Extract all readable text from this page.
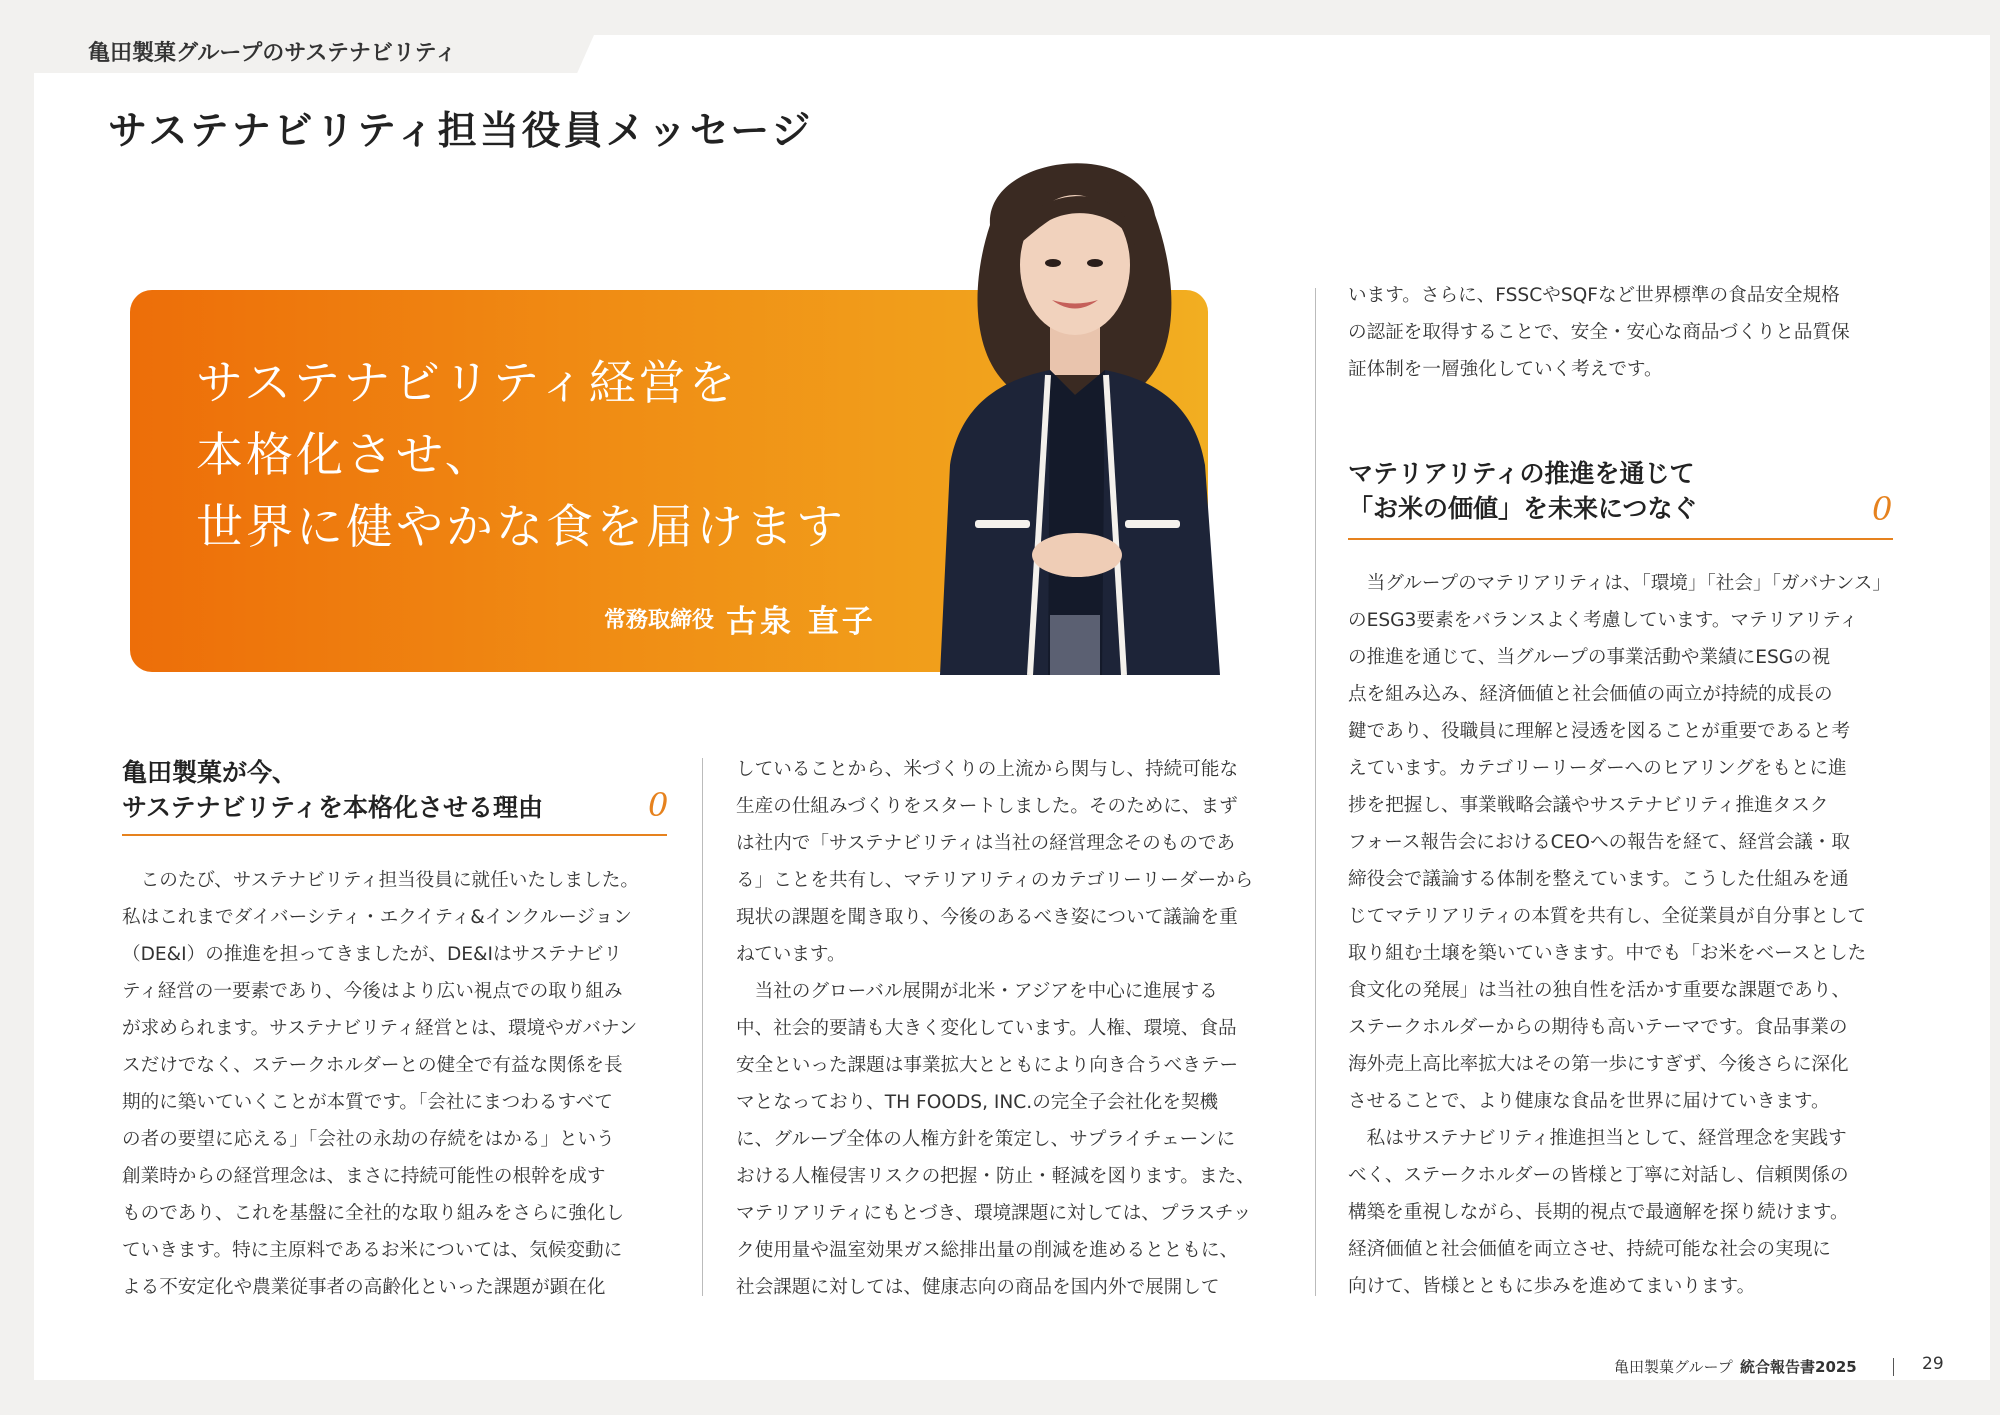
亀田製菓グループのサステナビリティ
サステナビリティ担当役員メッセージ
サステナビリティ経営を
本格化させ、
世界に健やかな食を届けます
常務取締役 古泉 直子
亀田製菓が今、
サステナビリティを本格化させる理由	0

　このたび、サステナビリティ担当役員に就任いたしました。

私はこれまでダイバーシティ・エクイティ&インクルージョン

（DE&I）の推進を担ってきましたが、DE&Iはサステナビリ

ティ経営の一要素であり、今後はより広い視点での取り組み

が求められます。サステナビリティ経営とは、環境やガバナン

スだけでなく、ステークホルダーとの健全で有益な関係を長

期的に築いていくことが本質です。「会社にまつわるすべて

の者の要望に応える」「会社の永劫の存続をはかる」という

創業時からの経営理念は、まさに持続可能性の根幹を成す

ものであり、これを基盤に全社的な取り組みをさらに強化し

ていきます。特に主原料であるお米については、気候変動に

よる不安定化や農業従事者の高齢化といった課題が顕在化

していることから、米づくりの上流から関与し、持続可能な

生産の仕組みづくりをスタートしました。そのために、まず

は社内で「サステナビリティは当社の経営理念そのものであ

る」ことを共有し、マテリアリティのカテゴリーリーダーから

現状の課題を聞き取り、今後のあるべき姿について議論を重

ねています。

　当社のグローバル展開が北米・アジアを中心に進展する

中、社会的要請も大きく変化しています。人権、環境、食品

安全といった課題は事業拡大とともにより向き合うべきテー

マとなっており、TH FOODS, INC.の完全子会社化を契機

に、グループ全体の人権方針を策定し、サプライチェーンに

おける人権侵害リスクの把握・防止・軽減を図ります。また、

マテリアリティにもとづき、環境課題に対しては、プラスチッ

ク使用量や温室効果ガス総排出量の削減を進めるとともに、

社会課題に対しては、健康志向の商品を国内外で展開して

います。さらに、FSSCやSQFなど世界標準の食品安全規格

の認証を取得することで、安全・安心な商品づくりと品質保

証体制を一層強化していく考えです。

マテリアリティの推進を通じて
「お米の価値」を未来につなぐ	0

　当グループのマテリアリティは、「環境」「社会」「ガバナンス」

のESG3要素をバランスよく考慮しています。マテリアリティ

の推進を通じて、当グループの事業活動や業績にESGの視

点を組み込み、経済価値と社会価値の両立が持続的成長の

鍵であり、役職員に理解と浸透を図ることが重要であると考

えています。カテゴリーリーダーへのヒアリングをもとに進

捗を把握し、事業戦略会議やサステナビリティ推進タスク

フォース報告会におけるCEOへの報告を経て、経営会議・取

締役会で議論する体制を整えています。こうした仕組みを通

じてマテリアリティの本質を共有し、全従業員が自分事として

取り組む土壌を築いていきます。中でも「お米をベースとした

食文化の発展」は当社の独自性を活かす重要な課題であり、

ステークホルダーからの期待も高いテーマです。食品事業の

海外売上高比率拡大はその第一歩にすぎず、今後さらに深化

させることで、より健康な食品を世界に届けていきます。

　私はサステナビリティ推進担当として、経営理念を実践す

べく、ステークホルダーの皆様と丁寧に対話し、信頼関係の

構築を重視しながら、長期的視点で最適解を探り続けます。

経済価値と社会価値を両立させ、持続可能な社会の実現に

向けて、皆様とともに歩みを進めてまいります。

亀田製菓グループ 統合報告書2025	29
